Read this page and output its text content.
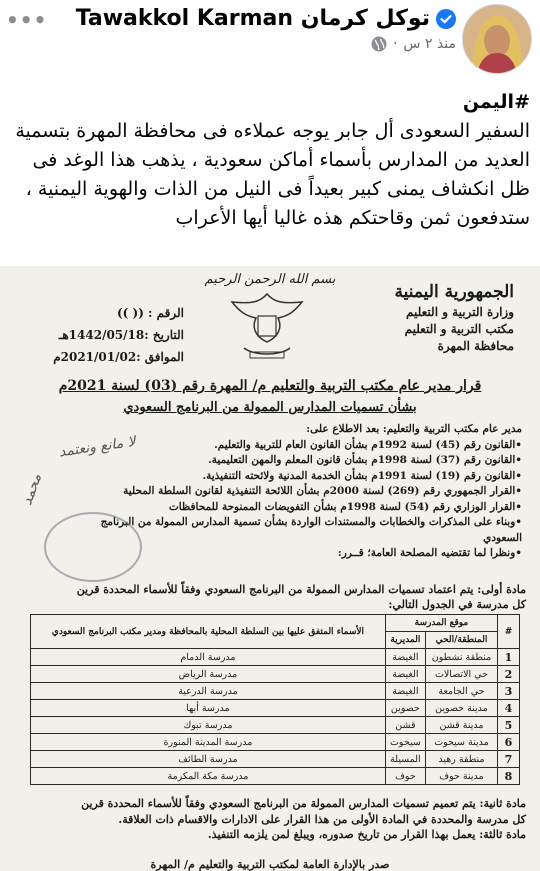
••• Tawakkol Karman توكل كرمان
منذ ٢ س
·
#اليمن
السفير السعودى أل جابر يوجه عملاءه فى محافظة المهرة بتسمية العديد من المدارس بأسماء أماكن سعودية ، يذهب هذا الوغد فى ظل انكشاف يمنى كبير بعيداً فى النيل من الذات والهوية اليمنية ، ستدفعون ثمن وقاحتكم هذه غاليا أيها الأعراب
الجمهورية اليمنية
وزارة التربية و التعليم
مكتب التربية و التعليم
محافظة المهرة
بسم الله الرحمن الرحيم
الرقم : (( ))
التاريخ :1442/05/18هـ
الموافق :2021/01/02م
قرار مدير عام مكتب التربية والتعليم م/ المهرة رقم (03) لسنة 2021م
بشأن تسميات المدارس الممولة من البرنامج السعودي
لا مانع ونعتمد
محمد
مدير عام مكتب التربية والتعليم: بعد الاطلاع على:
•القانون رقم (45) لسنة 1992م بشأن القانون العام للتربية والتعليم.
•القانون رقم (37) لسنة 1998م بشأن قانون المعلم والمهن التعليمية.
•القانون رقم (19) لسنة 1991م بشأن الخدمة المدنية ولائحته التنفيذية.
•القرار الجمهوري رقم (269) لسنة 2000م بشأن اللائحة التنفيذية لقانون السلطة المحلية
•القرار الوزاري رقم (54) لسنة 1998م بشأن التفويضات الممنوحة للمحافظات
•وبناء على المذكرات والخطابات والمستندات الواردة بشأن تسمية المدارس الممولة من البرنامج السعودي
•ونظرا لما تقتضيه المصلحة العامة؛ قــرر:
مادة أولى: يتم اعتماد تسميات المدارس الممولة من البرنامج السعودي وفقاً للأسماء المحددة قرين
كل مدرسة في الجدول التالي:
#	موقع المدرسة		الأسماء المتفق عليها بين السلطة المحلية بالمحافظة ومدير مكتب البرنامج السعودي
	المنطقة/الحي	المديرية	
1	منطقة نشطون	الغيضة	مدرسة الدمام
2	حي الاتصالات	الغيضة	مدرسة الرياض
3	حي الجامعة	الغيضة	مدرسة الدرعية
4	مدينة حصوين	حصوين	مدرسة أبها
5	مدينة قشن	قشن	مدرسة تبوك
6	مدينة سيحوت	سيحوت	مدرسة المدينة المنورة
7	منطقة رهيد	المسيلة	مدرسة الطائف
8	مدينة حوف	حوف	مدرسة مكة المكرمة
مادة ثانية: يتم تعميم تسميات المدارس الممولة من البرنامج السعودي وفقاً للأسماء المحددة قرين
كل مدرسة والمحددة في المادة الأولى من هذا القرار على الادارات والاقسام ذات العلاقة.
مادة ثالثة: يعمل بهذا القرار من تاريخ صدوره، ويبلغ لمن يلزمه التنفيذ.
صدر بالإدارة العامة لمكتب التربية والتعليم م/ المهرة
